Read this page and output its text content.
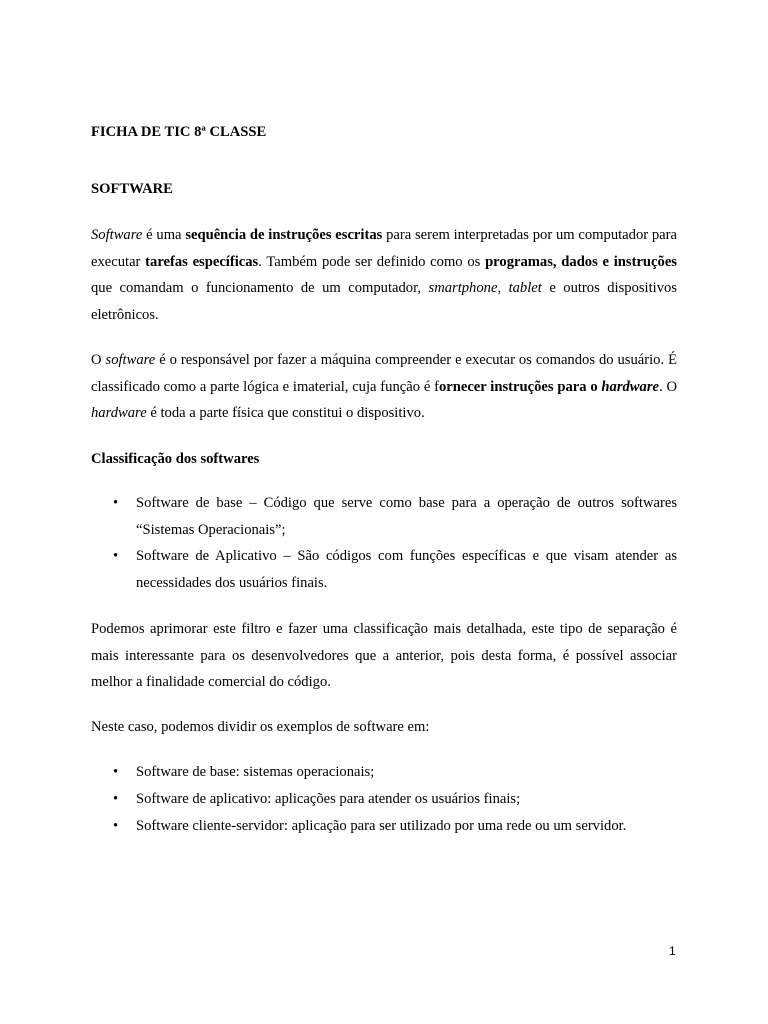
FICHA DE TIC 8ª CLASSE
SOFTWARE
Software é uma sequência de instruções escritas para serem interpretadas por um computador para executar tarefas específicas. Também pode ser definido como os programas, dados e instruções que comandam o funcionamento de um computador, smartphone, tablet e outros dispositivos eletrônicos.
O software é o responsável por fazer a máquina compreender e executar os comandos do usuário. É classificado como a parte lógica e imaterial, cuja função é fornecer instruções para o hardware. O hardware é toda a parte física que constitui o dispositivo.
Classificação dos softwares
• Software de base – Código que serve como base para a operação de outros softwares “Sistemas Operacionais”;
• Software de Aplicativo – São códigos com funções específicas e que visam atender as necessidades dos usuários finais.
Podemos aprimorar este filtro e fazer uma classificação mais detalhada, este tipo de separação é mais interessante para os desenvolvedores que a anterior, pois desta forma, é possível associar melhor a finalidade comercial do código.
Neste caso, podemos dividir os exemplos de software em:
• Software de base: sistemas operacionais;
• Software de aplicativo: aplicações para atender os usuários finais;
• Software cliente-servidor: aplicação para ser utilizado por uma rede ou um servidor.
1
